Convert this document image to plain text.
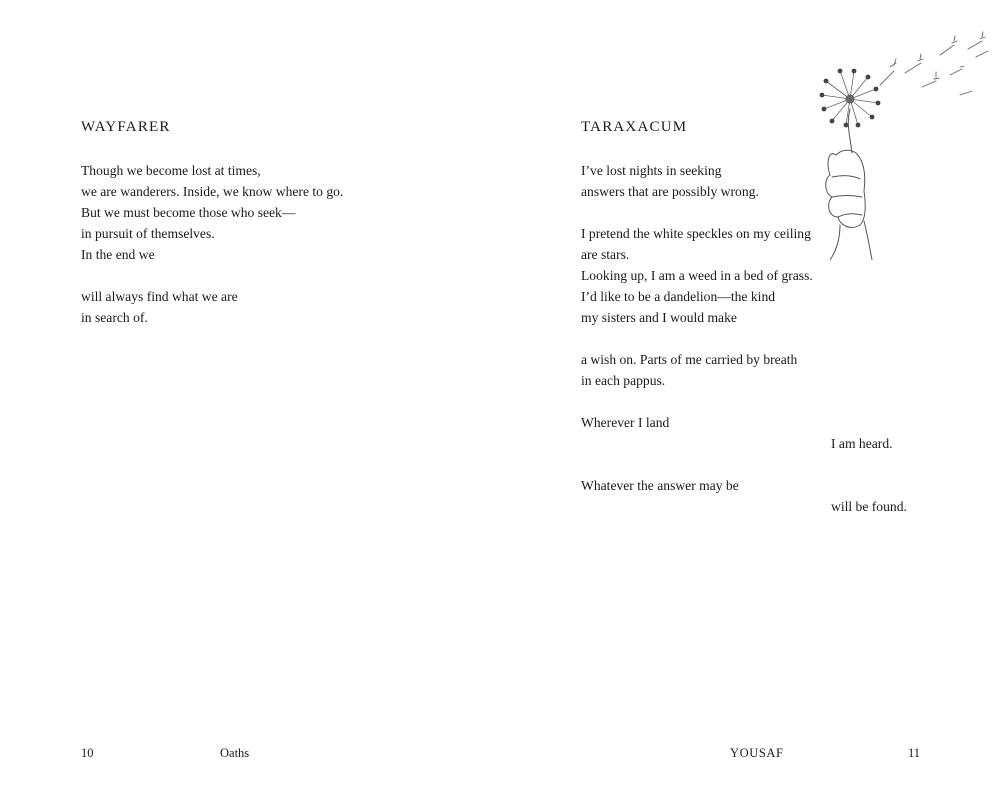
WAYFARER
Though we become lost at times,
we are wanderers. Inside, we know where to go.
But we must become those who seek—
in pursuit of themselves.
In the end we
will always find what we are
in search of.
10	Oaths
TARAXACUM
I’ve lost nights in seeking
answers that are possibly wrong.
I pretend the white speckles on my ceiling
are stars.
Looking up, I am a weed in a bed of grass.
I’d like to be a dandelion—the kind
my sisters and I would make
a wish on. Parts of me carried by breath
in each pappus.
Wherever I land
I am heard.
Whatever the answer may be
will be found.
YOUSAF	11
